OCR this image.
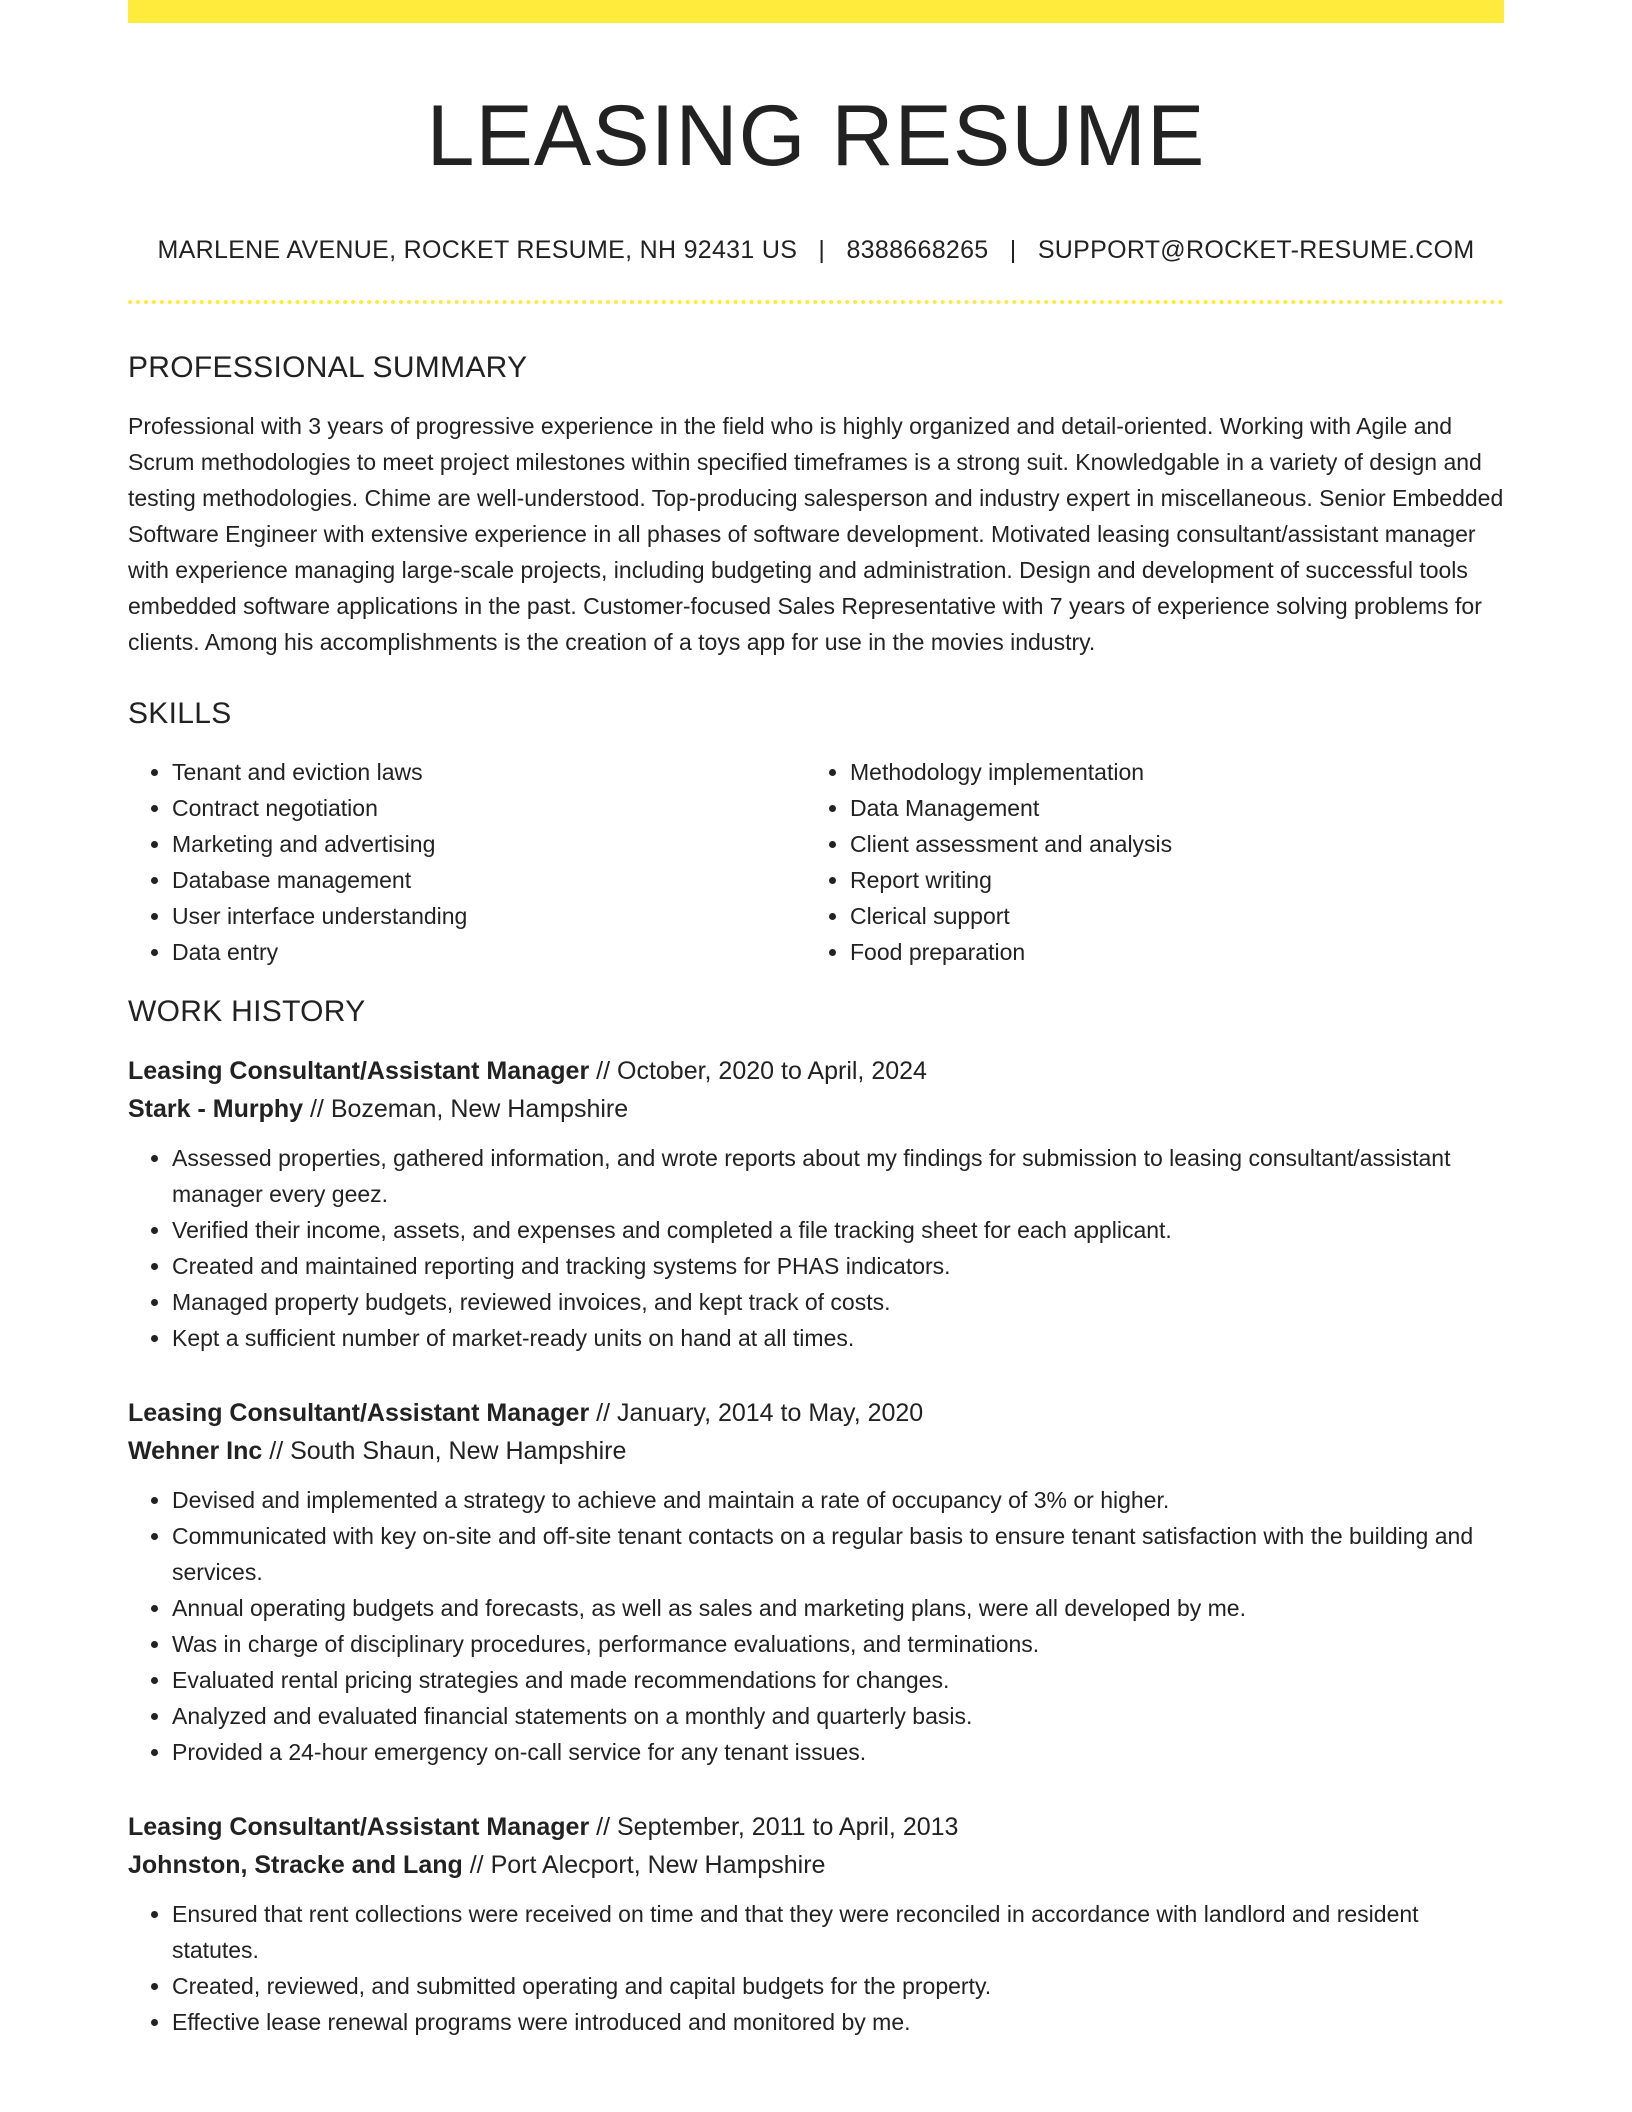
LEASING RESUME
MARLENE AVENUE, ROCKET RESUME, NH 92431 US | 8388668265 | SUPPORT@ROCKET-RESUME.COM
PROFESSIONAL SUMMARY

Professional with 3 years of progressive experience in the field who is highly organized and detail-oriented. Working with Agile and Scrum methodologies to meet project milestones within specified timeframes is a strong suit. Knowledgable in a variety of design and testing methodologies. Chime are well-understood. Top-producing salesperson and industry expert in miscellaneous. Senior Embedded Software Engineer with extensive experience in all phases of software development. Motivated leasing consultant/assistant manager with experience managing large-scale projects, including budgeting and administration. Design and development of successful tools embedded software applications in the past. Customer-focused Sales Representative with 7 years of experience solving problems for clients. Among his accomplishments is the creation of a toys app for use in the movies industry.

SKILLS
• Tenant and eviction laws
• Contract negotiation
• Marketing and advertising
• Database management
• User interface understanding
• Data entry
• Methodology implementation
• Data Management
• Client assessment and analysis
• Report writing
• Clerical support
• Food preparation
WORK HISTORY
Leasing Consultant/Assistant Manager // October, 2020 to April, 2024
Stark - Murphy // Bozeman, New Hampshire
• Assessed properties, gathered information, and wrote reports about my findings for submission to leasing consultant/assistant manager every geez.
• Verified their income, assets, and expenses and completed a file tracking sheet for each applicant.
• Created and maintained reporting and tracking systems for PHAS indicators.
• Managed property budgets, reviewed invoices, and kept track of costs.
• Kept a sufficient number of market-ready units on hand at all times.
Leasing Consultant/Assistant Manager // January, 2014 to May, 2020
Wehner Inc // South Shaun, New Hampshire
• Devised and implemented a strategy to achieve and maintain a rate of occupancy of 3% or higher.
• Communicated with key on-site and off-site tenant contacts on a regular basis to ensure tenant satisfaction with the building and services.
• Annual operating budgets and forecasts, as well as sales and marketing plans, were all developed by me.
• Was in charge of disciplinary procedures, performance evaluations, and terminations.
• Evaluated rental pricing strategies and made recommendations for changes.
• Analyzed and evaluated financial statements on a monthly and quarterly basis.
• Provided a 24-hour emergency on-call service for any tenant issues.
Leasing Consultant/Assistant Manager // September, 2011 to April, 2013
Johnston, Stracke and Lang // Port Alecport, New Hampshire
• Ensured that rent collections were received on time and that they were reconciled in accordance with landlord and resident statutes.
• Created, reviewed, and submitted operating and capital budgets for the property.
• Effective lease renewal programs were introduced and monitored by me.
